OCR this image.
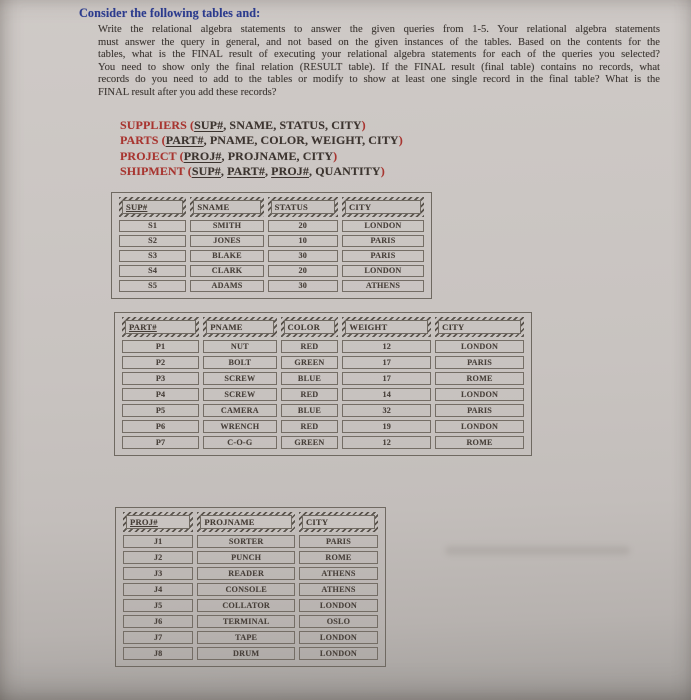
Consider the following tables and:
Write the relational algebra statements to answer the given queries from 1-5. Your relational algebra statements
must answer the query in general, and not based on the given instances of the tables. Based on the contents for the
tables, what is the FINAL result of executing your relational algebra statements for each of the queries you selected?
You need to show only the final relation (RESULT table). If the FINAL result (final table) contains no records, what
records do you need to add to the tables or modify to show at least one single record in the final table? What is the
FINAL result after you add these records?
SUPPLIERS (SUP#, SNAME, STATUS, CITY)
PARTS (PART#, PNAME, COLOR, WEIGHT, CITY)
PROJECT (PROJ#, PROJNAME, CITY)
SHIPMENT (SUP#, PART#, PROJ#, QUANTITY)
SUP#	SNAME	STATUS	CITY

S1	SMITH	20	LONDON
S2	JONES	10	PARIS
S3	BLAKE	30	PARIS
S4	CLARK	20	LONDON
S5	ADAMS	30	ATHENS
PART#	PNAME	COLOR	WEIGHT	CITY

P1	NUT	RED	12	LONDON
P2	BOLT	GREEN	17	PARIS
P3	SCREW	BLUE	17	ROME
P4	SCREW	RED	14	LONDON
P5	CAMERA	BLUE	32	PARIS
P6	WRENCH	RED	19	LONDON
P7	C-O-G	GREEN	12	ROME
PROJ#	PROJNAME	CITY

J1	SORTER	PARIS
J2	PUNCH	ROME
J3	READER	ATHENS
J4	CONSOLE	ATHENS
J5	COLLATOR	LONDON
J6	TERMINAL	OSLO
J7	TAPE	LONDON
J8	DRUM	LONDON
